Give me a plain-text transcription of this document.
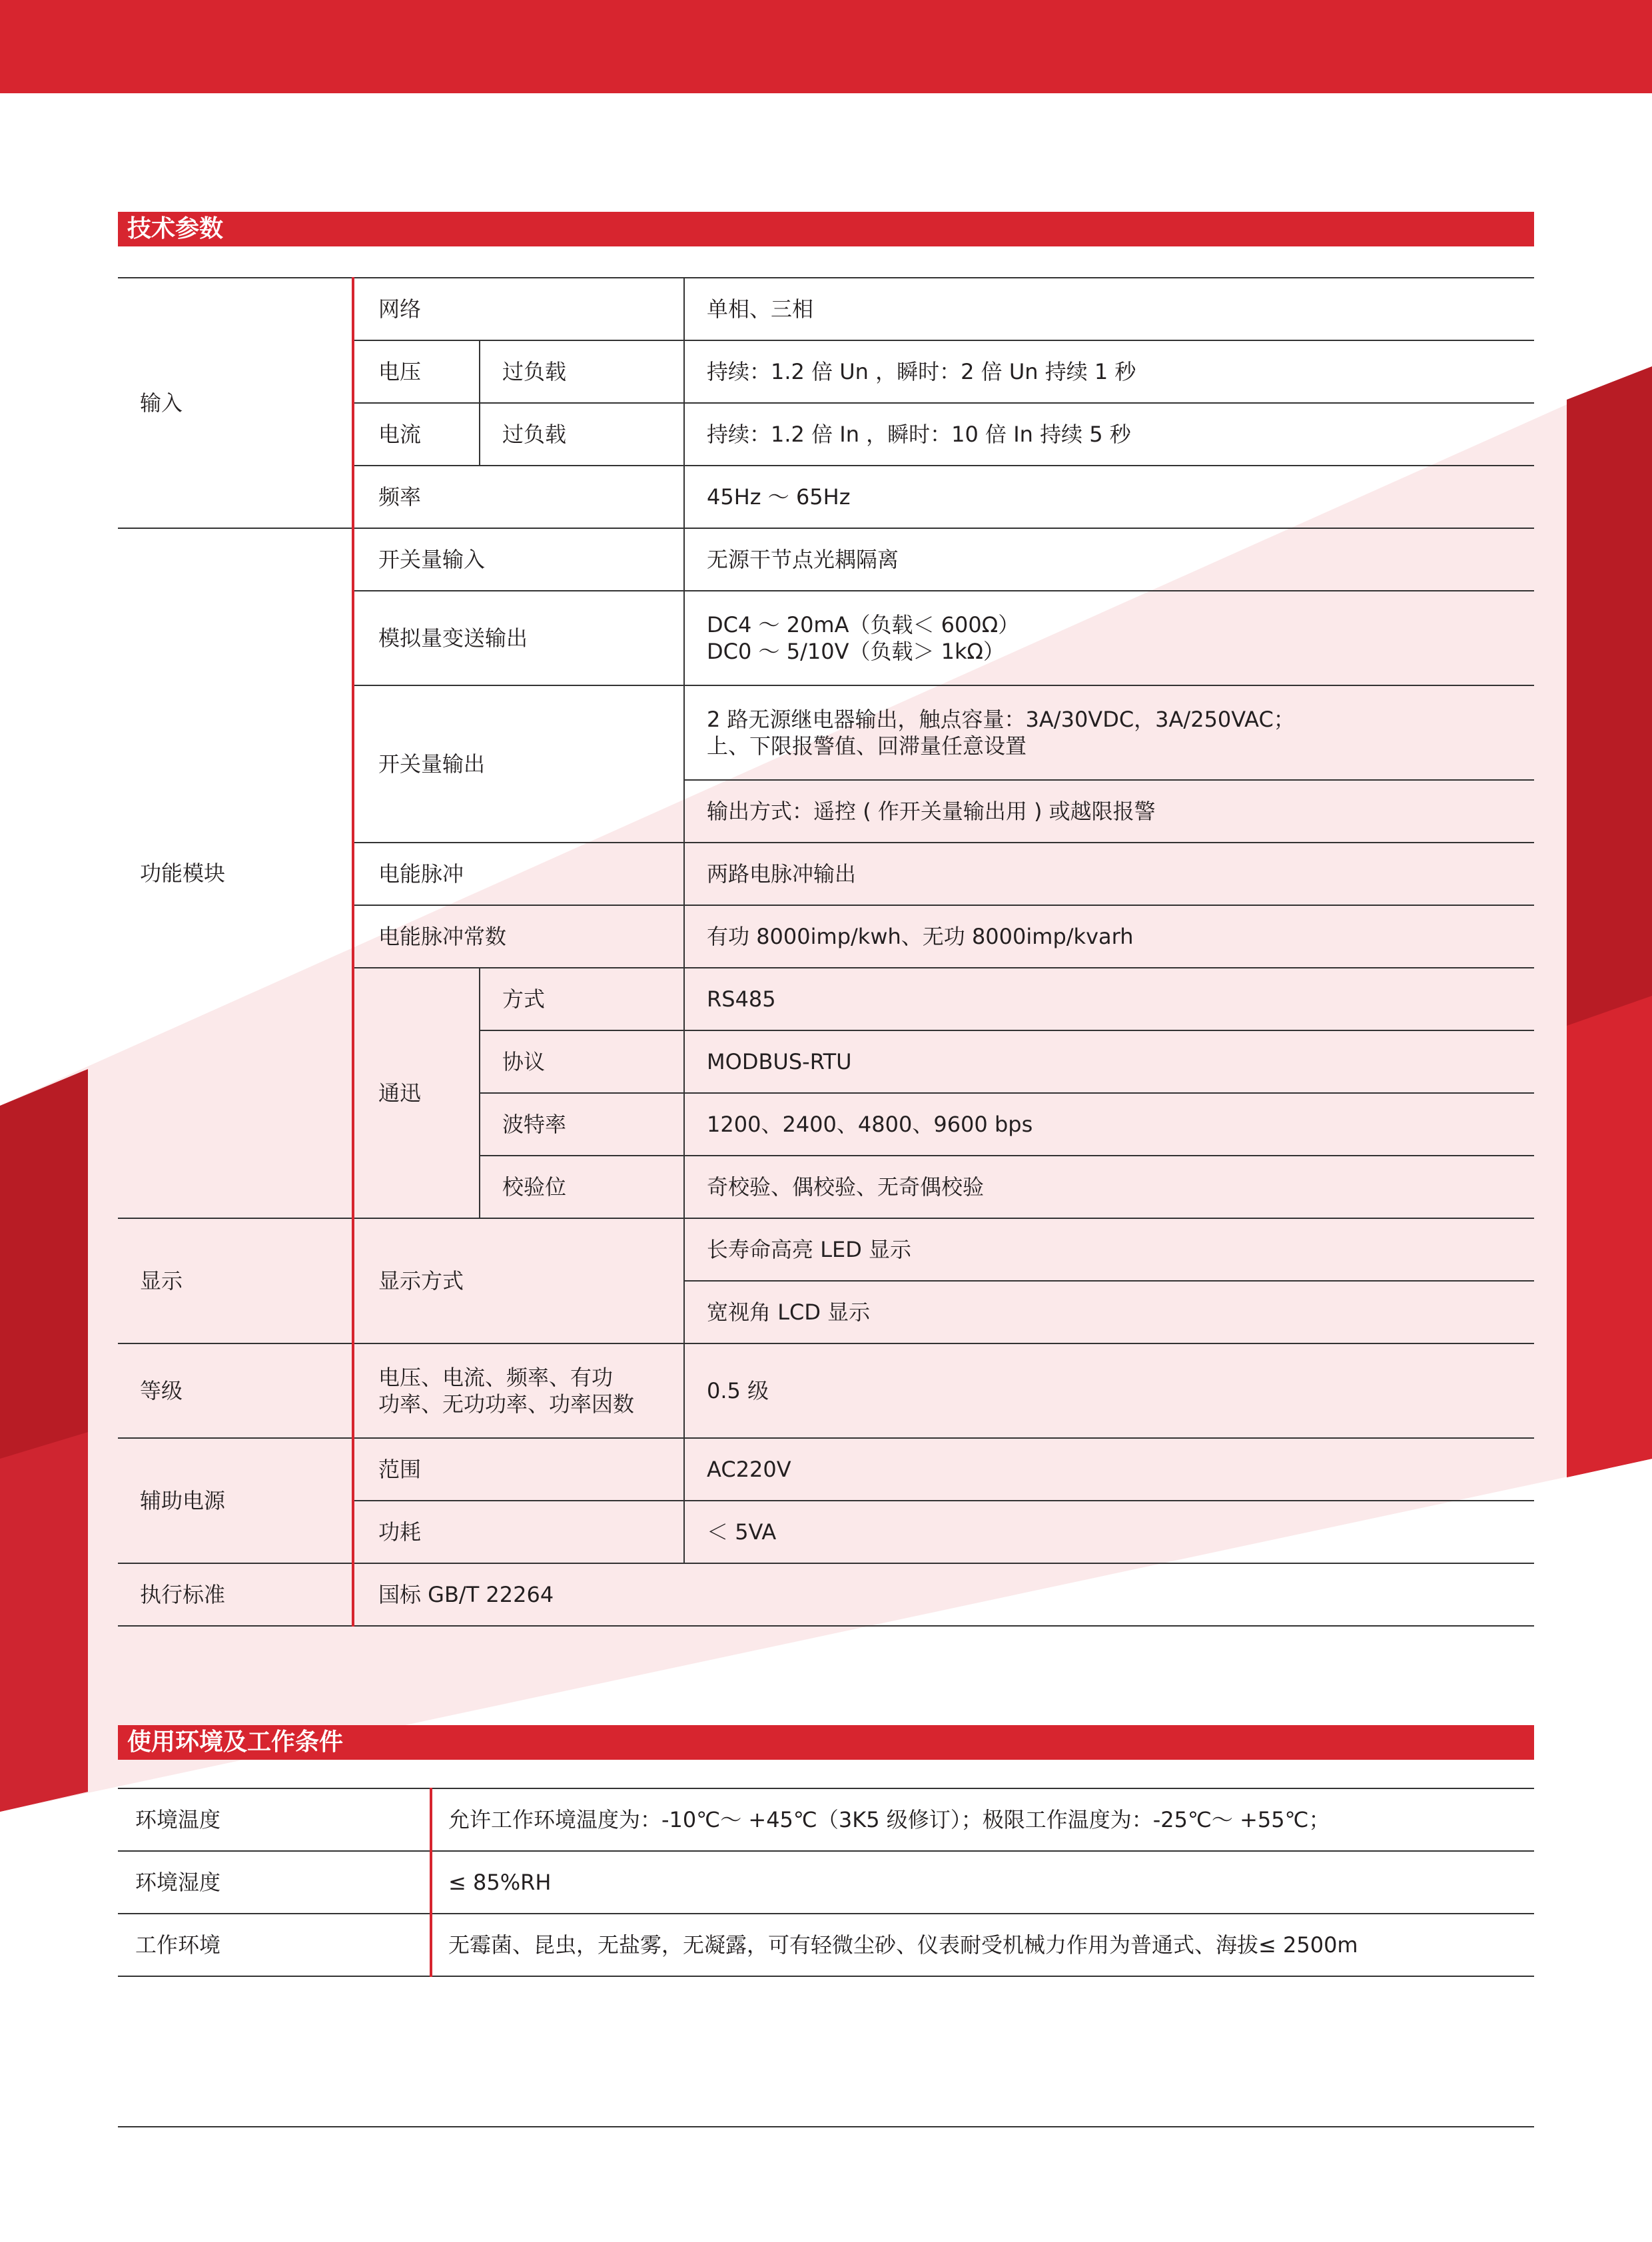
技术参数
输入	网络		单相、三相
	电压	过负载	持续：1.2 倍 Un ，瞬时：2 倍 Un 持续 1 秒
	电流	过负载	持续：1.2 倍 In ，瞬时：10 倍 In 持续 5 秒
	频率		45Hz ～ 65Hz
功能模块	开关量输入		无源干节点光耦隔离
	模拟量变送输出		DC4 ～ 20mA（负载＜ 600Ω）
DC0 ～ 5/10V（负载＞ 1kΩ）

	开关量输出		2 路无源继电器输出，触点容量：3A/30VDC，3A/250VAC；
上、下限报警值、回滞量任意设置

			输出方式：遥控 ( 作开关量输出用 ) 或越限报警
	电能脉冲		两路电脉冲输出
	电能脉冲常数		有功 8000imp/kwh、无功 8000imp/kvarh
	通迅	方式	RS485
		协议	MODBUS-RTU
		波特率	1200、2400、4800、9600 bps
		校验位	奇校验、偶校验、无奇偶校验
显示	显示方式		长寿命高亮 LED 显示
			宽视角 LCD 显示
等级	电压、电流、频率、有功
功率、无功功率、功率因数		0.5 级
辅助电源	范围		AC220V
	功耗		＜ 5VA
执行标准	国标 GB/T 22264		
使用环境及工作条件
环境温度	允许工作环境温度为：-10℃～ +45℃（3K5 级修订）；极限工作温度为：-25℃～ +55℃；
环境湿度	≤ 85%RH
工作环境	无霉菌、昆虫，无盐雾，无凝露，可有轻微尘砂、仪表耐受机械力作用为普通式、海拔≤ 2500m
